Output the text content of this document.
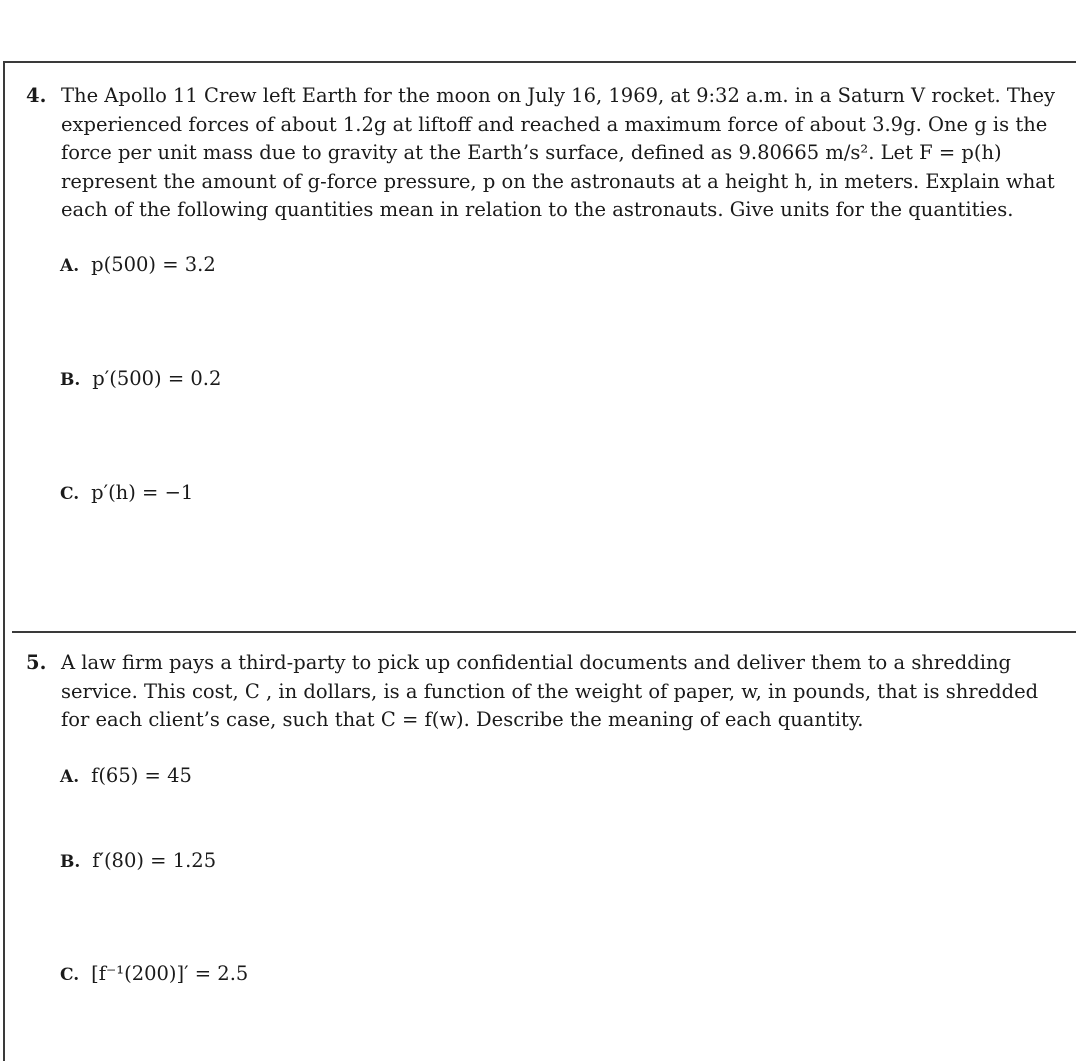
4. The Apollo 11 Crew left Earth for the moon on July 16, 1969, at 9:32 a.m. in a Saturn V rocket. They
experienced forces of about 1.2g at liftoff and reached a maximum force of about 3.9g. One g is the
force per unit mass due to gravity at the Earth’s surface, defined as 9.80665 m/s². Let F = p(h)
represent the amount of g-force pressure, p on the astronauts at a height h, in meters. Explain what
each of the following quantities mean in relation to the astronauts. Give units for the quantities.
A. p(500) = 3.2
B. p′(500) = 0.2
C. p′(h) = −1
5. A law firm pays a third-party to pick up confidential documents and deliver them to a shredding
service. This cost, C , in dollars, is a function of the weight of paper, w, in pounds, that is shredded
for each client’s case, such that C = f(w). Describe the meaning of each quantity.
A. f(65) = 45
B. f′(80) = 1.25
C. [f⁻¹(200)]′ = 2.5
